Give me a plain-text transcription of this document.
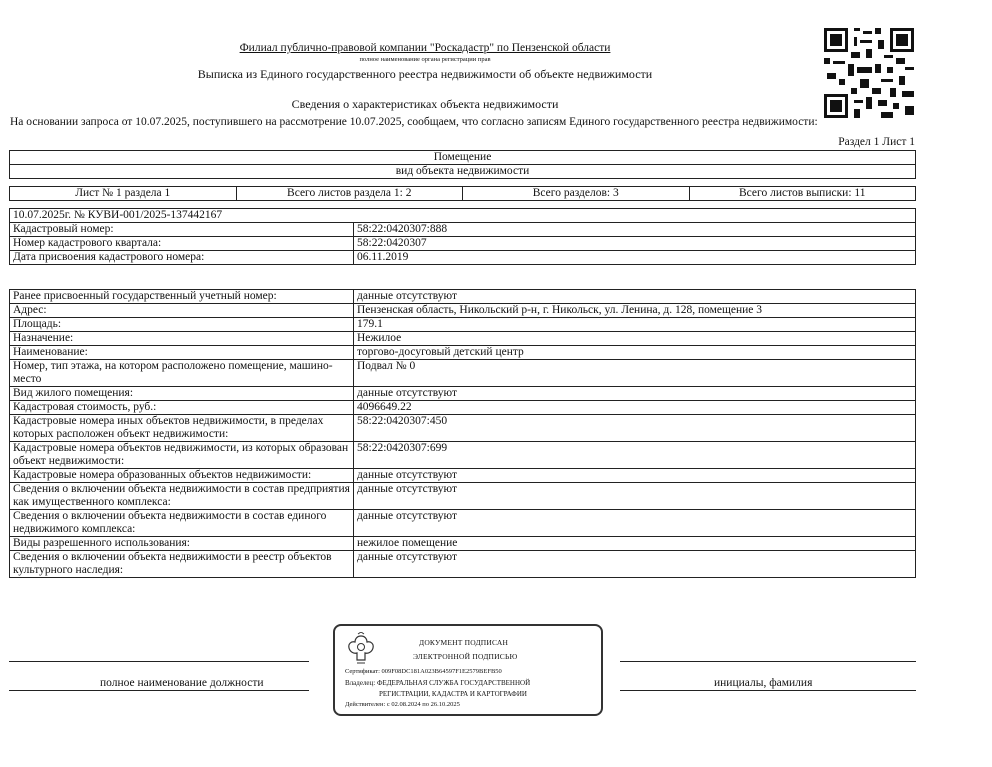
Филиал публично-правовой компании "Роскадастр" по Пензенской области
полное наименование органа регистрации прав
Выписка из Единого государственного реестра недвижимости об объекте недвижимости
Сведения о характеристиках объекта недвижимости
На основании запроса от 10.07.2025, поступившего на рассмотрение 10.07.2025, сообщаем, что согласно записям Единого государственного реестра недвижимости:
Раздел 1 Лист 1
Помещение
вид объекта недвижимости
Лист № 1 раздела 1	Всего листов раздела 1: 2	Всего разделов: 3	Всего листов выписки: 11
10.07.2025г. № КУВИ-001/2025-137442167	
Кадастровый номер:	58:22:0420307:888
Номер кадастрового квартала:	58:22:0420307
Дата присвоения кадастрового номера:	06.11.2019
Ранее присвоенный государственный учетный номер:	данные отсутствуют
Адрес:	Пензенская область, Никольский р-н, г. Никольск, ул. Ленина, д. 128, помещение 3
Площадь:	179.1
Назначение:	Нежилое
Наименование:	торгово-досуговый детский центр
Номер, тип этажа, на котором расположено помещение, машино-место	Подвал № 0
Вид жилого помещения:	данные отсутствуют
Кадастровая стоимость, руб.:	4096649.22
Кадастровые номера иных объектов недвижимости, в пределах которых расположен объект недвижимости:	58:22:0420307:450
Кадастровые номера объектов недвижимости, из которых образован объект недвижимости:	58:22:0420307:699
Кадастровые номера образованных объектов недвижимости:	данные отсутствуют
Сведения о включении объекта недвижимости в состав предприятия как имущественного комплекса:	данные отсутствуют
Сведения о включении объекта недвижимости в состав единого недвижимого комплекса:	данные отсутствуют
Виды разрешенного использования:	нежилое помещение
Сведения о включении объекта недвижимости в реестр объектов культурного наследия:	данные отсутствуют
полное наименование должности	инициалы, фамилия
ДОКУМЕНТ ПОДПИСАН
ЭЛЕКТРОННОЙ ПОДПИСЬЮ
Сертификат: 009F08DC181A023B64597F1E2579BEFB50
Владелец: ФЕДЕРАЛЬНАЯ СЛУЖБА ГОСУДАРСТВЕННОЙ
РЕГИСТРАЦИИ, КАДАСТРА И КАРТОГРАФИИ
Действителен: с 02.08.2024 по 26.10.2025
